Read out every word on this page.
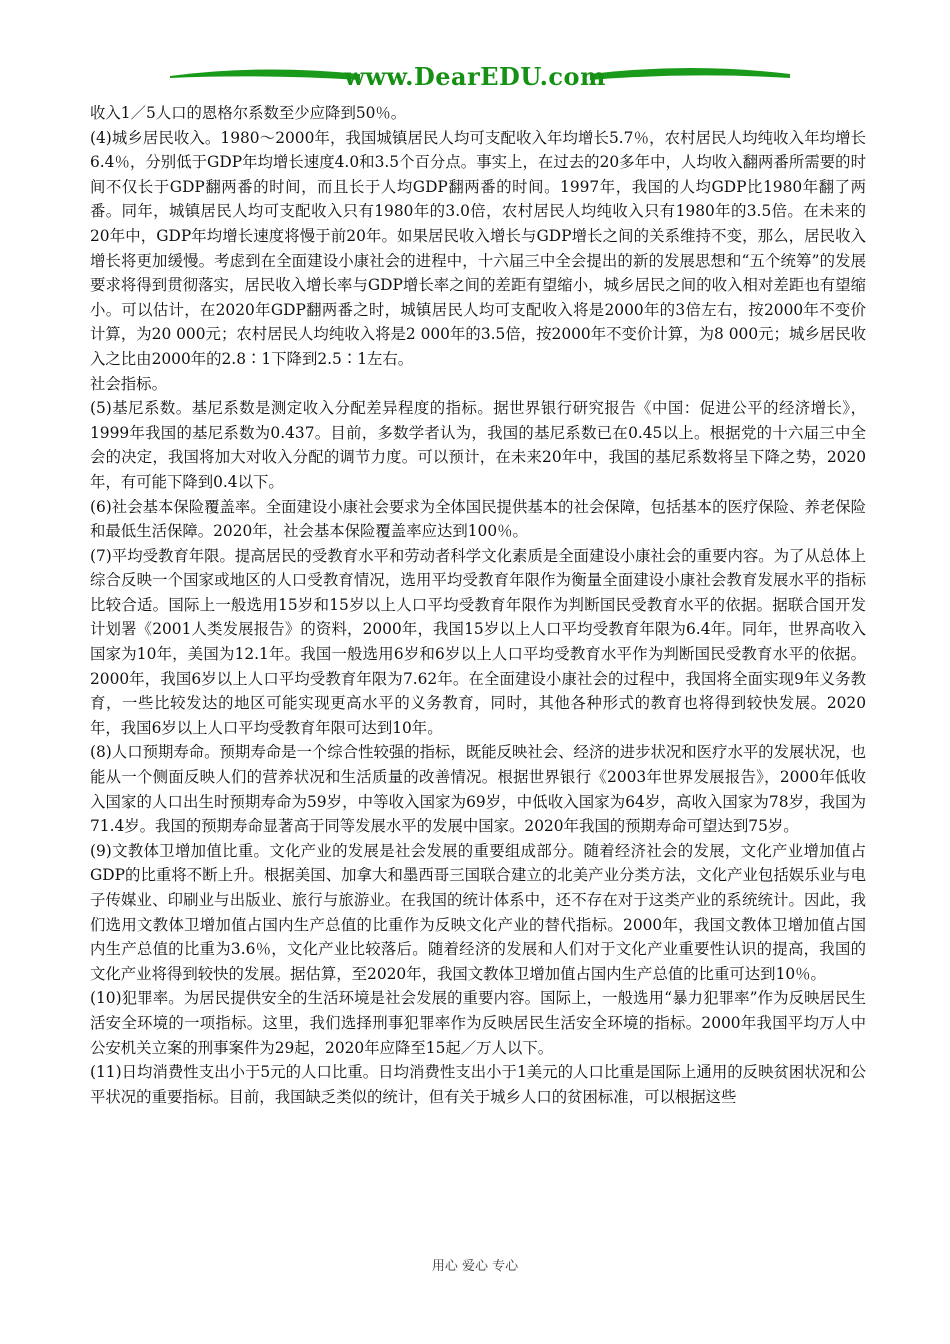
www.DearEDU.com

收入1／5人口的恩格尔系数至少应降到50％。

(4)城乡居民收入。1980～2000年，我国城镇居民人均可支配收入年均增长5.7％，农村居民人均纯收入年均增长6.4％，分别低于GDP年均增长速度4.0和3.5个百分点。事实上，在过去的20多年中，人均收入翻两番所需要的时间不仅长于GDP翻两番的时间，而且长于人均GDP翻两番的时间。1997年，我国的人均GDP比1980年翻了两番。同年，城镇居民人均可支配收入只有1980年的3.0倍，农村居民人均纯收入只有1980年的3.5倍。在未来的20年中，GDP年均增长速度将慢于前20年。如果居民收入增长与GDP增长之间的关系维持不变，那么，居民收入增长将更加缓慢。考虑到在全面建设小康社会的进程中，十六届三中全会提出的新的发展思想和“五个统筹”的发展要求将得到贯彻落实，居民收入增长率与GDP增长率之间的差距有望缩小，城乡居民之间的收入相对差距也有望缩小。可以估计，在2020年GDP翻两番之时，城镇居民人均可支配收入将是2000年的3倍左右，按2000年不变价计算，为20 000元；农村居民人均纯收入将是2 000年的3.5倍，按2000年不变价计算，为8 000元；城乡居民收入之比由2000年的2.8∶1下降到2.5∶1左右。

社会指标。

(5)基尼系数。基尼系数是测定收入分配差异程度的指标。据世界银行研究报告《中国：促进公平的经济增长》，1999年我国的基尼系数为0.437。目前，多数学者认为，我国的基尼系数已在0.45以上。根据党的十六届三中全会的决定，我国将加大对收入分配的调节力度。可以预计，在未来20年中，我国的基尼系数将呈下降之势，2020年，有可能下降到0.4以下。

(6)社会基本保险覆盖率。全面建设小康社会要求为全体国民提供基本的社会保障，包括基本的医疗保险、养老保险和最低生活保障。2020年，社会基本保险覆盖率应达到100％。

(7)平均受教育年限。提高居民的受教育水平和劳动者科学文化素质是全面建设小康社会的重要内容。为了从总体上综合反映一个国家或地区的人口受教育情况，选用平均受教育年限作为衡量全面建设小康社会教育发展水平的指标比较合适。国际上一般选用15岁和15岁以上人口平均受教育年限作为判断国民受教育水平的依据。据联合国开发计划署《2001人类发展报告》的资料，2000年，我国15岁以上人口平均受教育年限为6.4年。同年，世界高收入国家为10年，美国为12.1年。我国一般选用6岁和6岁以上人口平均受教育水平作为判断国民受教育水平的依据。2000年，我国6岁以上人口平均受教育年限为7.62年。在全面建设小康社会的过程中，我国将全面实现9年义务教育，一些比较发达的地区可能实现更高水平的义务教育，同时，其他各种形式的教育也将得到较快发展。2020年，我国6岁以上人口平均受教育年限可达到10年。

(8)人口预期寿命。预期寿命是一个综合性较强的指标，既能反映社会、经济的进步状况和医疗水平的发展状况，也能从一个侧面反映人们的营养状况和生活质量的改善情况。根据世界银行《2003年世界发展报告》，2000年低收入国家的人口出生时预期寿命为59岁，中等收入国家为69岁，中低收入国家为64岁，高收入国家为78岁，我国为71.4岁。我国的预期寿命显著高于同等发展水平的发展中国家。2020年我国的预期寿命可望达到75岁。

(9)文教体卫增加值比重。文化产业的发展是社会发展的重要组成部分。随着经济社会的发展，文化产业增加值占GDP的比重将不断上升。根据美国、加拿大和墨西哥三国联合建立的北美产业分类方法，文化产业包括娱乐业与电子传媒业、印刷业与出版业、旅行与旅游业。在我国的统计体系中，还不存在对于这类产业的系统统计。因此，我们选用文教体卫增加值占国内生产总值的比重作为反映文化产业的替代指标。2000年，我国文教体卫增加值占国内生产总值的比重为3.6％，文化产业比较落后。随着经济的发展和人们对于文化产业重要性认识的提高，我国的文化产业将得到较快的发展。据估算，至2020年，我国文教体卫增加值占国内生产总值的比重可达到10％。

(10)犯罪率。为居民提供安全的生活环境是社会发展的重要内容。国际上，一般选用“暴力犯罪率”作为反映居民生活安全环境的一项指标。这里，我们选择刑事犯罪率作为反映居民生活安全环境的指标。2000年我国平均万人中公安机关立案的刑事案件为29起，2020年应降至15起／万人以下。

(11)日均消费性支出小于5元的人口比重。日均消费性支出小于1美元的人口比重是国际上通用的反映贫困状况和公平状况的重要指标。目前，我国缺乏类似的统计，但有关于城乡人口的贫困标准，可以根据这些

用心 爱心 专心
